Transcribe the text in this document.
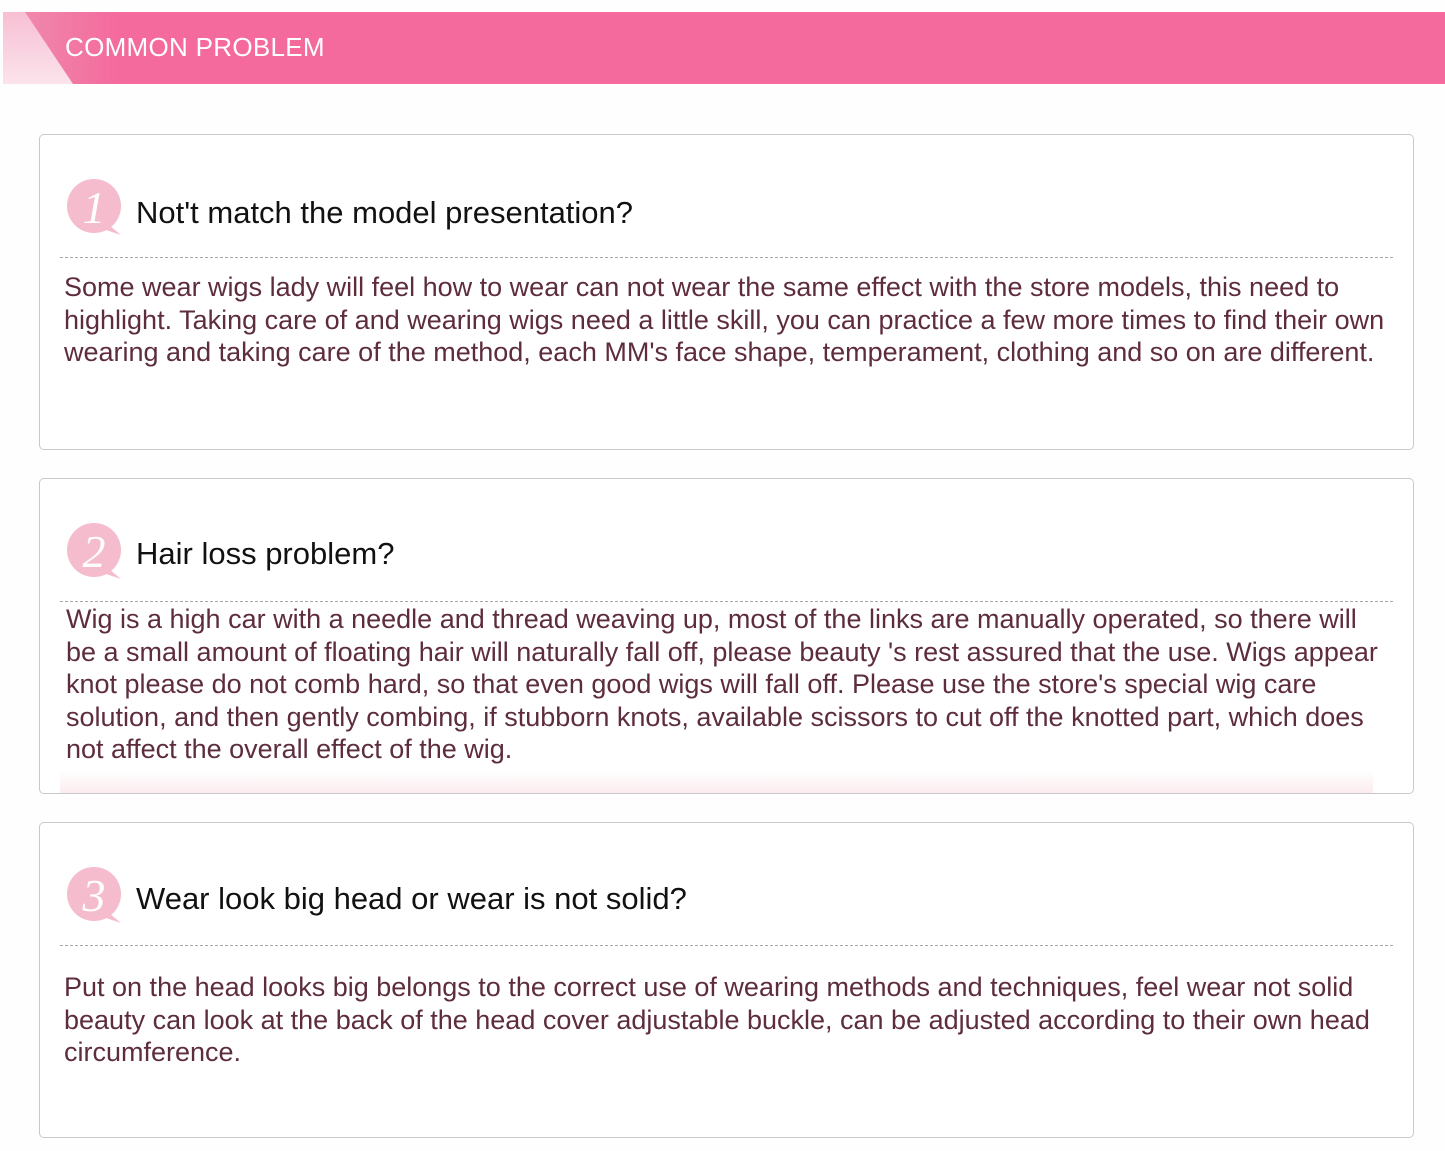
COMMON PROBLEM
1 Not't match the model presentation?

Some wear wigs lady will feel how to wear can not wear the same effect with the store models, this need to highlight. Taking care of and wearing wigs need a little skill, you can practice a few more times to find their own wearing and taking care of the method, each MM's face shape, temperament, clothing and so on are different.

2 Hair loss problem?

Wig is a high car with a needle and thread weaving up, most of the links are manually operated, so there will be a small amount of floating hair will naturally fall off, please beauty 's rest assured that the use. Wigs appear knot please do not comb hard, so that even good wigs will fall off. Please use the store's special wig care solution, and then gently combing, if stubborn knots, available scissors to cut off the knotted part, which does not affect the overall effect of the wig.

3 Wear look big head or wear is not solid?

Put on the head looks big belongs to the correct use of wearing methods and techniques, feel wear not solid beauty can look at the back of the head cover adjustable buckle, can be adjusted according to their own head circumference.
